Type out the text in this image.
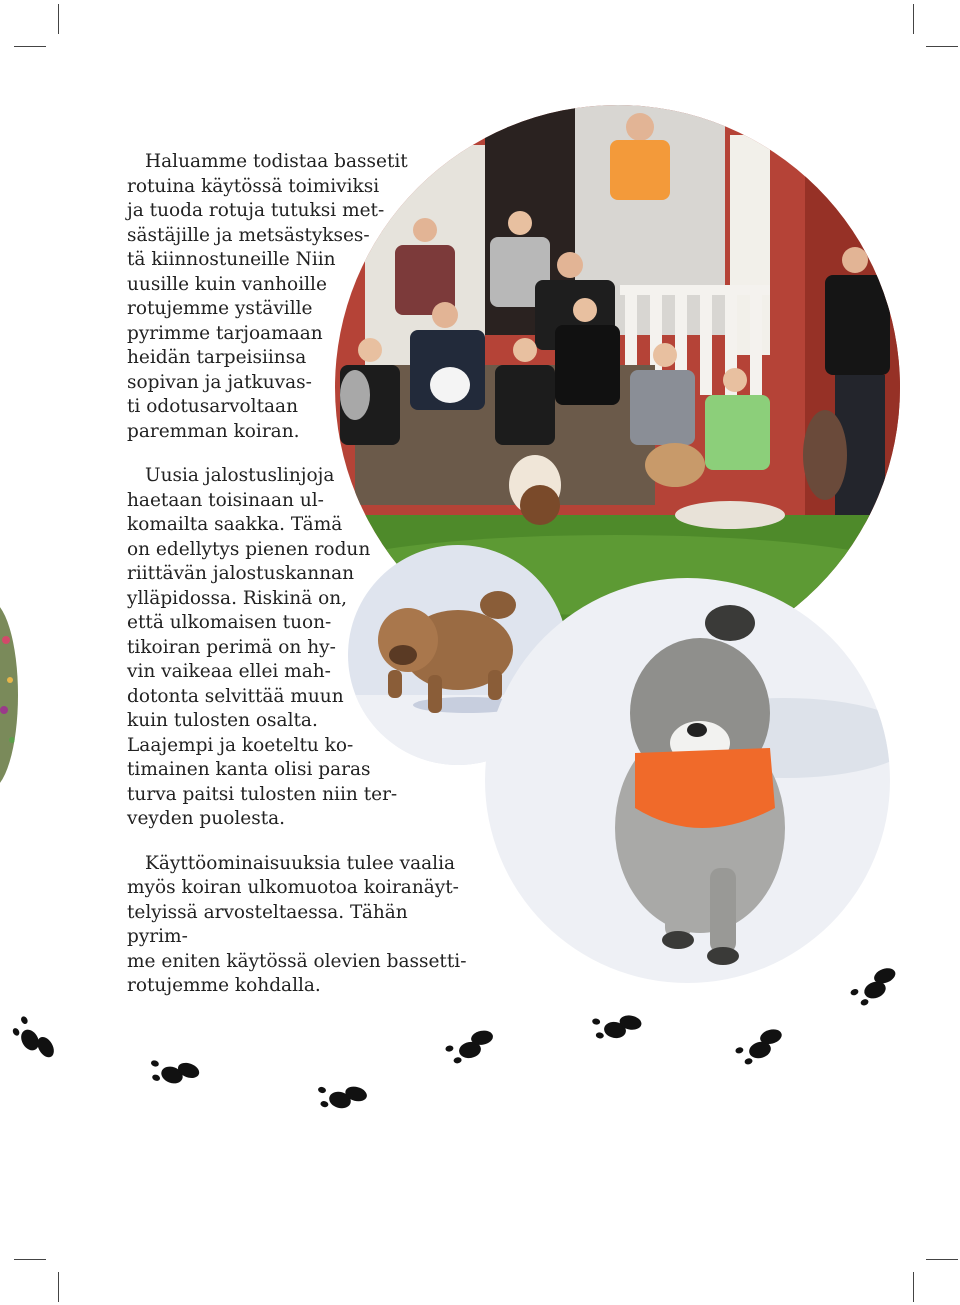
Haluamme todistaa bassetit
rotuina käytössä toimiviksi
ja tuoda rotuja tutuksi met-
sästäjille ja metsästykses-
tä kiinnostuneille Niin
uusille kuin vanhoille
rotujemme ystäville
pyrimme tarjoamaan
heidän tarpeisiinsa
sopivan ja jatkuvas-
ti odotusarvoltaan
paremman koiran.

Uusia jalostuslinjoja
haetaan toisinaan ul-
komailta saakka. Tämä
on edellytys pienen rodun
riittävän jalostuskannan
ylläpidossa. Riskinä on,
että ulkomaisen tuon-
tikoiran perimä on hy-
vin vaikeaa ellei mah-
dotonta selvittää muun
kuin tulosten osalta.
Laajempi ja koeteltu ko-
timainen kanta olisi paras
turva paitsi tulosten niin ter-
veyden puolesta.

Käyttöominaisuuksia tulee vaalia
myös koiran ulkomuotoa koiranäyt-
telyissä arvosteltaessa. Tähän pyrim-
me eniten käytössä olevien bassetti-
rotujemme kohdalla.
